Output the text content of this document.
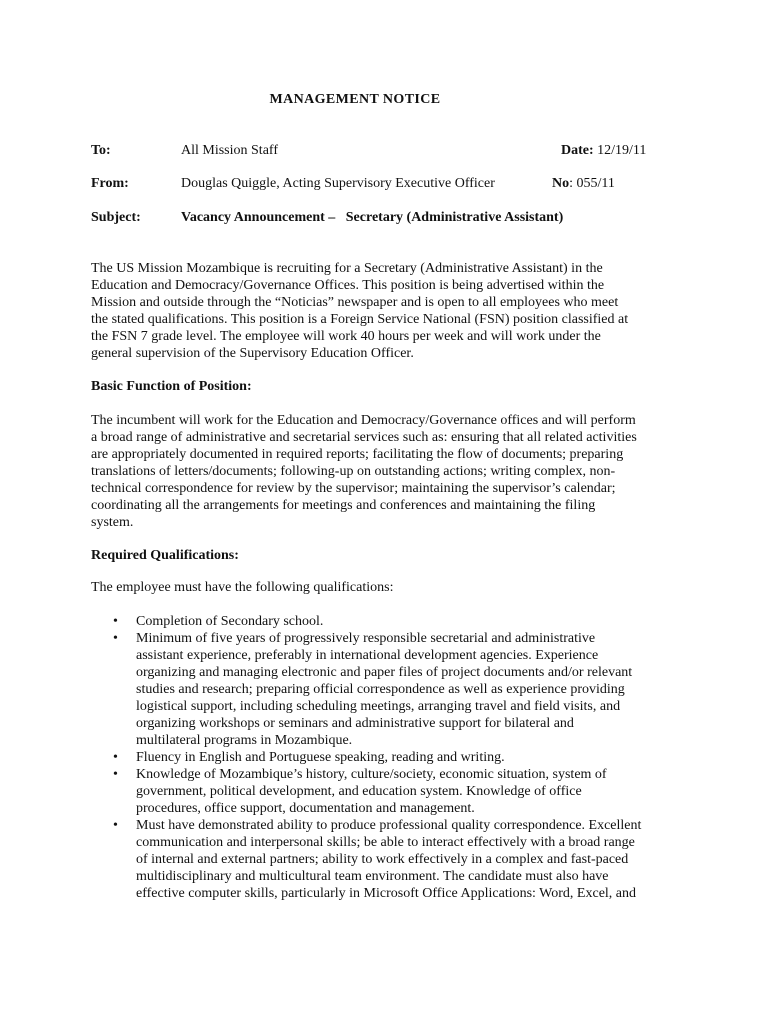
MANAGEMENT NOTICE
To:	All Mission Staff	Date: 12/19/11
From:	Douglas Quiggle, Acting Supervisory Executive Officer	No: 055/11
Subject:	Vacancy Announcement –   Secretary (Administrative Assistant)
The US Mission Mozambique is recruiting for a Secretary (Administrative Assistant) in the
Education and Democracy/Governance Offices. This position is being advertised within the
Mission and outside through the “Noticias” newspaper and is open to all employees who meet
the stated qualifications. This position is a Foreign Service National (FSN) position classified at
the FSN 7 grade level. The employee will work 40 hours per week and will work under the
general supervision of the Supervisory Education Officer.
Basic Function of Position:
The incumbent will work for the Education and Democracy/Governance offices and will perform
a broad range of administrative and secretarial services such as: ensuring that all related activities
are appropriately documented in required reports; facilitating the flow of documents; preparing
translations of letters/documents; following-up on outstanding actions; writing complex, non-
technical correspondence for review by the supervisor; maintaining the supervisor’s calendar;
coordinating all the arrangements for meetings and conferences and maintaining the filing
system.
Required Qualifications:
The employee must have the following qualifications:
• Completion of Secondary school.
• Minimum of five years of progressively responsible secretarial and administrative
assistant experience, preferably in international development agencies. Experience
organizing and managing electronic and paper files of project documents and/or relevant
studies and research; preparing official correspondence as well as experience providing
logistical support, including scheduling meetings, arranging travel and field visits, and
organizing workshops or seminars and administrative support for bilateral and
multilateral programs in Mozambique.
• Fluency in English and Portuguese speaking, reading and writing.
• Knowledge of Mozambique’s history, culture/society, economic situation, system of
government, political development, and education system. Knowledge of office
procedures, office support, documentation and management.
• Must have demonstrated ability to produce professional quality correspondence. Excellent
communication and interpersonal skills; be able to interact effectively with a broad range
of internal and external partners; ability to work effectively in a complex and fast-paced
multidisciplinary and multicultural team environment. The candidate must also have
effective computer skills, particularly in Microsoft Office Applications: Word, Excel, and
